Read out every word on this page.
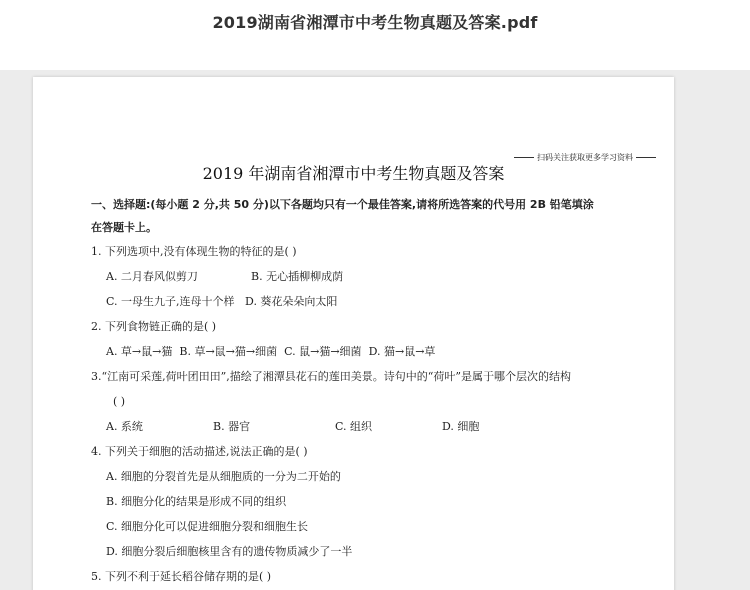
2019湖南省湘潭市中考生物真题及答案.pdf
扫码关注获取更多学习资料
2019 年湖南省湘潭市中考生物真题及答案

一、选择题:(每小题 2 分,共 50 分)以下各题均只有一个最佳答案,请将所选答案的代号用 2B 铅笔填涂

在答题卡上。

1. 下列选项中,没有体现生物的特征的是( )

A. 二月春风似剪刀	B. 无心插柳柳成荫
C. 一母生九子,连母十个样 D. 葵花朵朵向太阳

2. 下列食物链正确的是( )

A. 草→鼠→猫 B. 草→鼠→猫→细菌 C. 鼠→猫→细菌 D. 猫→鼠→草

3.“江南可采莲,荷叶团田田”,描绘了湘潭县花石的莲田美景。诗句中的“荷叶”是属于哪个层次的结构

( )

A. 系统	B. 器官	C. 组织	D. 细胞

4. 下列关于细胞的活动描述,说法正确的是( )

A. 细胞的分裂首先是从细胞质的一分为二开始的
B. 细胞分化的结果是形成不同的组织
C. 细胞分化可以促进细胞分裂和细胞生长
D. 细胞分裂后细胞核里含有的遗传物质减少了一半

5. 下列不利于延长稻谷储存期的是( )
